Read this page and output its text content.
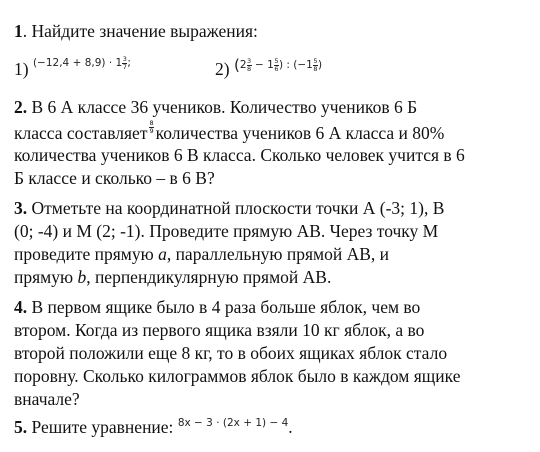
1. Найдите значение выражения:
1) $^{(-12,4 + 8,9) \cdot 1 \frac{3}{7} ;}$	2) $^{(2 \frac{3}{8} - 1 \frac{5}{6} ) : (-1 \frac{5}{8} )}$
2. В 6 А классе 36 учеников. Количество учеников 6 Б
класса составляет $\frac{8}{9}$ количества учеников 6 А класса и 80%
количества учеников 6 В класса. Сколько человек учится в 6
Б классе и сколько – в 6 В?
3. Отметьте на координатной плоскости точки А (-3; 1), В
(0; -4) и М (2; -1). Проведите прямую АВ. Через точку М
проведите прямую a, параллельную прямой АВ, и
прямую b, перпендикулярную прямой АВ.
4. В первом ящике было в 4 раза больше яблок, чем во
втором. Когда из первого ящика взяли 10 кг яблок, а во
второй положили еще 8 кг, то в обоих ящиках яблок стало
поровну. Сколько килограммов яблок было в каждом ящике
вначале?
5. Решите уравнение: $^{8x - 3 \cdot (2x + 1) - 4}$.
